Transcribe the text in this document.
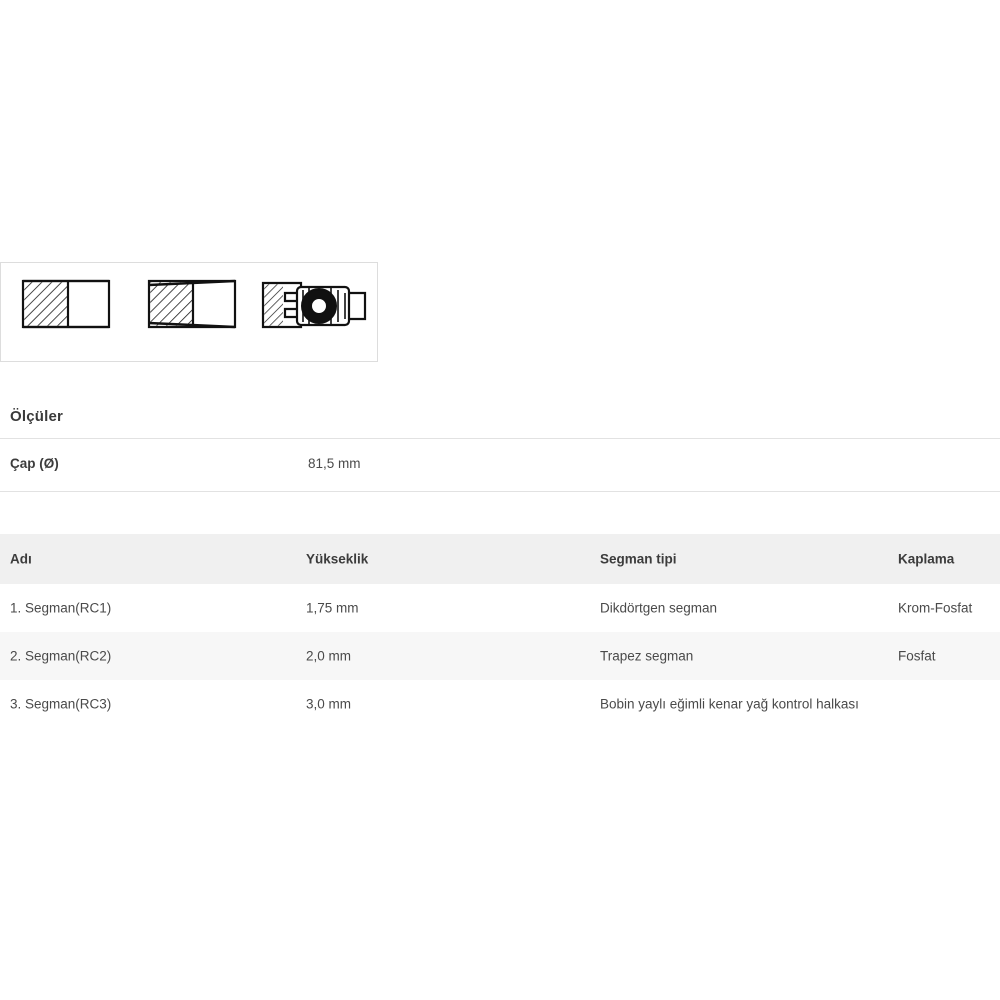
Ölçüler
Çap (Ø)	81,5 mm
Adı	Yükseklik	Segman tipi	Kaplama
1. Segman(RC1)	1,75 mm	Dikdörtgen segman	Krom-Fosfat
2. Segman(RC2)	2,0 mm	Trapez segman	Fosfat
3. Segman(RC3)	3,0 mm	Bobin yaylı eğimli kenar yağ kontrol halkası
